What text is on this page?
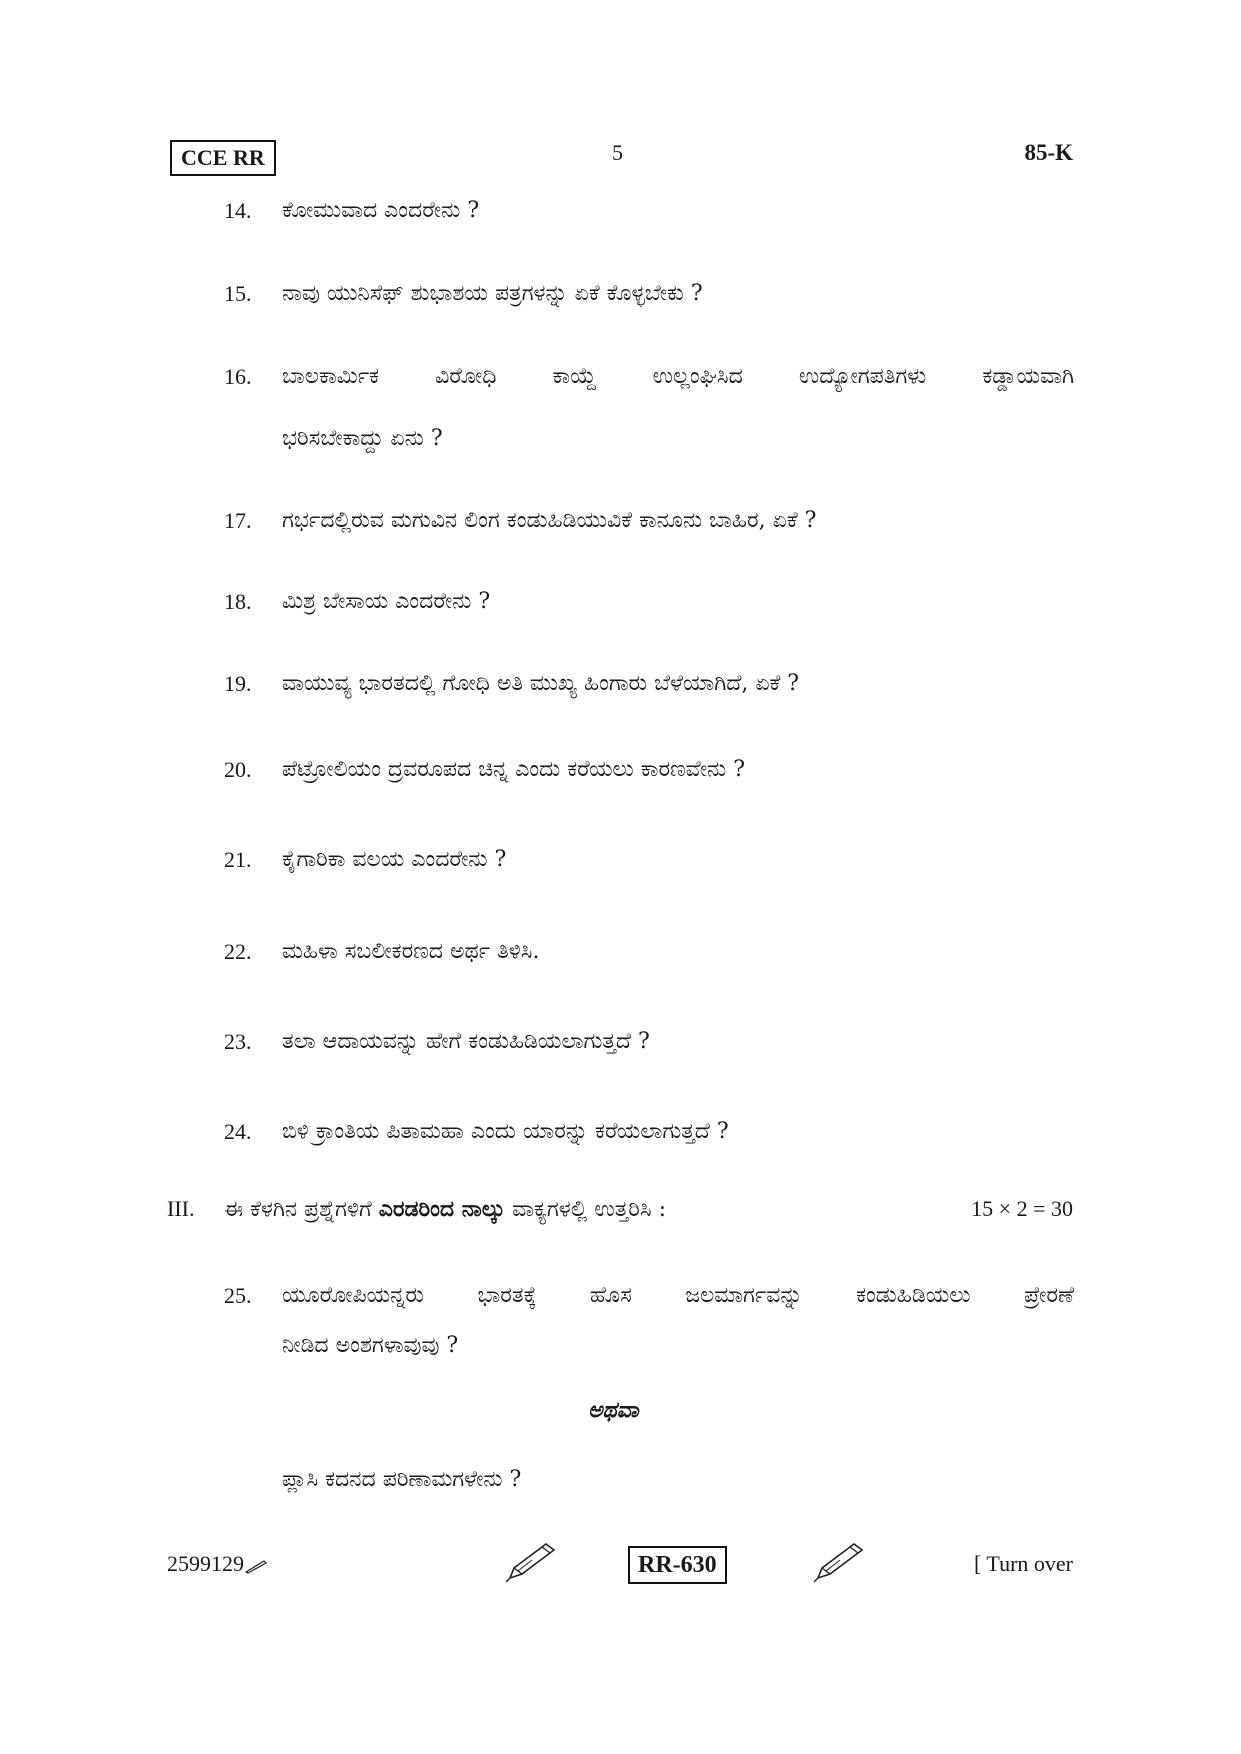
CCE RR	5	85-K
14.	ಕೋಮುವಾದ ಎಂದರೇನು ?
15.	ನಾವು ಯುನಿಸೆಫ್ ಶುಭಾಶಯ ಪತ್ರಗಳನ್ನು ಏಕೆ ಕೊಳ್ಳಬೇಕು ?
16.	ಬಾಲಕಾರ್ಮಿಕ ವಿರೋಧಿ ಕಾಯ್ದೆ ಉಲ್ಲಂಘಿಸಿದ ಉದ್ಯೋಗಪತಿಗಳು ಕಡ್ಡಾಯವಾಗಿ
ಭರಿಸಬೇಕಾದ್ದು ಏನು ?
17.	ಗರ್ಭದಲ್ಲಿರುವ ಮಗುವಿನ ಲಿಂಗ ಕಂಡುಹಿಡಿಯುವಿಕೆ ಕಾನೂನು ಬಾಹಿರ, ಏಕೆ ?
18.	ಮಿಶ್ರ ಬೇಸಾಯ ಎಂದರೇನು ?
19.	ವಾಯುವ್ಯ ಭಾರತದಲ್ಲಿ ಗೋಧಿ ಅತಿ ಮುಖ್ಯ ಹಿಂಗಾರು ಬೆಳೆಯಾಗಿದೆ, ಏಕೆ ?
20.	ಪೆಟ್ರೋಲಿಯಂ ದ್ರವರೂಪದ ಚಿನ್ನ ಎಂದು ಕರೆಯಲು ಕಾರಣವೇನು ?
21.	ಕೈಗಾರಿಕಾ ವಲಯ ಎಂದರೇನು ?
22.	ಮಹಿಳಾ ಸಬಲೀಕರಣದ ಅರ್ಥ ತಿಳಿಸಿ.
23.	ತಲಾ ಆದಾಯವನ್ನು ಹೇಗೆ ಕಂಡುಹಿಡಿಯಲಾಗುತ್ತದೆ ?
24.	ಬಿಳಿ ಕ್ರಾಂತಿಯ ಪಿತಾಮಹಾ ಎಂದು ಯಾರನ್ನು ಕರೆಯಲಾಗುತ್ತದೆ ?
III. ಈ ಕೆಳಗಿನ ಪ್ರಶ್ನೆಗಳಿಗೆ ಎರಡರಿಂದ ನಾಲ್ಕು ವಾಕ್ಯಗಳಲ್ಲಿ ಉತ್ತರಿಸಿ :	15 × 2 = 30
25.	ಯೂರೋಪಿಯನ್ನರು ಭಾರತಕ್ಕೆ ಹೊಸ ಜಲಮಾರ್ಗವನ್ನು ಕಂಡುಹಿಡಿಯಲು ಪ್ರೇರಣೆ
ನೀಡಿದ ಅಂಶಗಳಾವುವು ?
ಅಥವಾ
ಪ್ಲಾಸಿ ಕದನದ ಪರಿಣಾಮಗಳೇನು ?
2599129	RR-630	[ Turn over
